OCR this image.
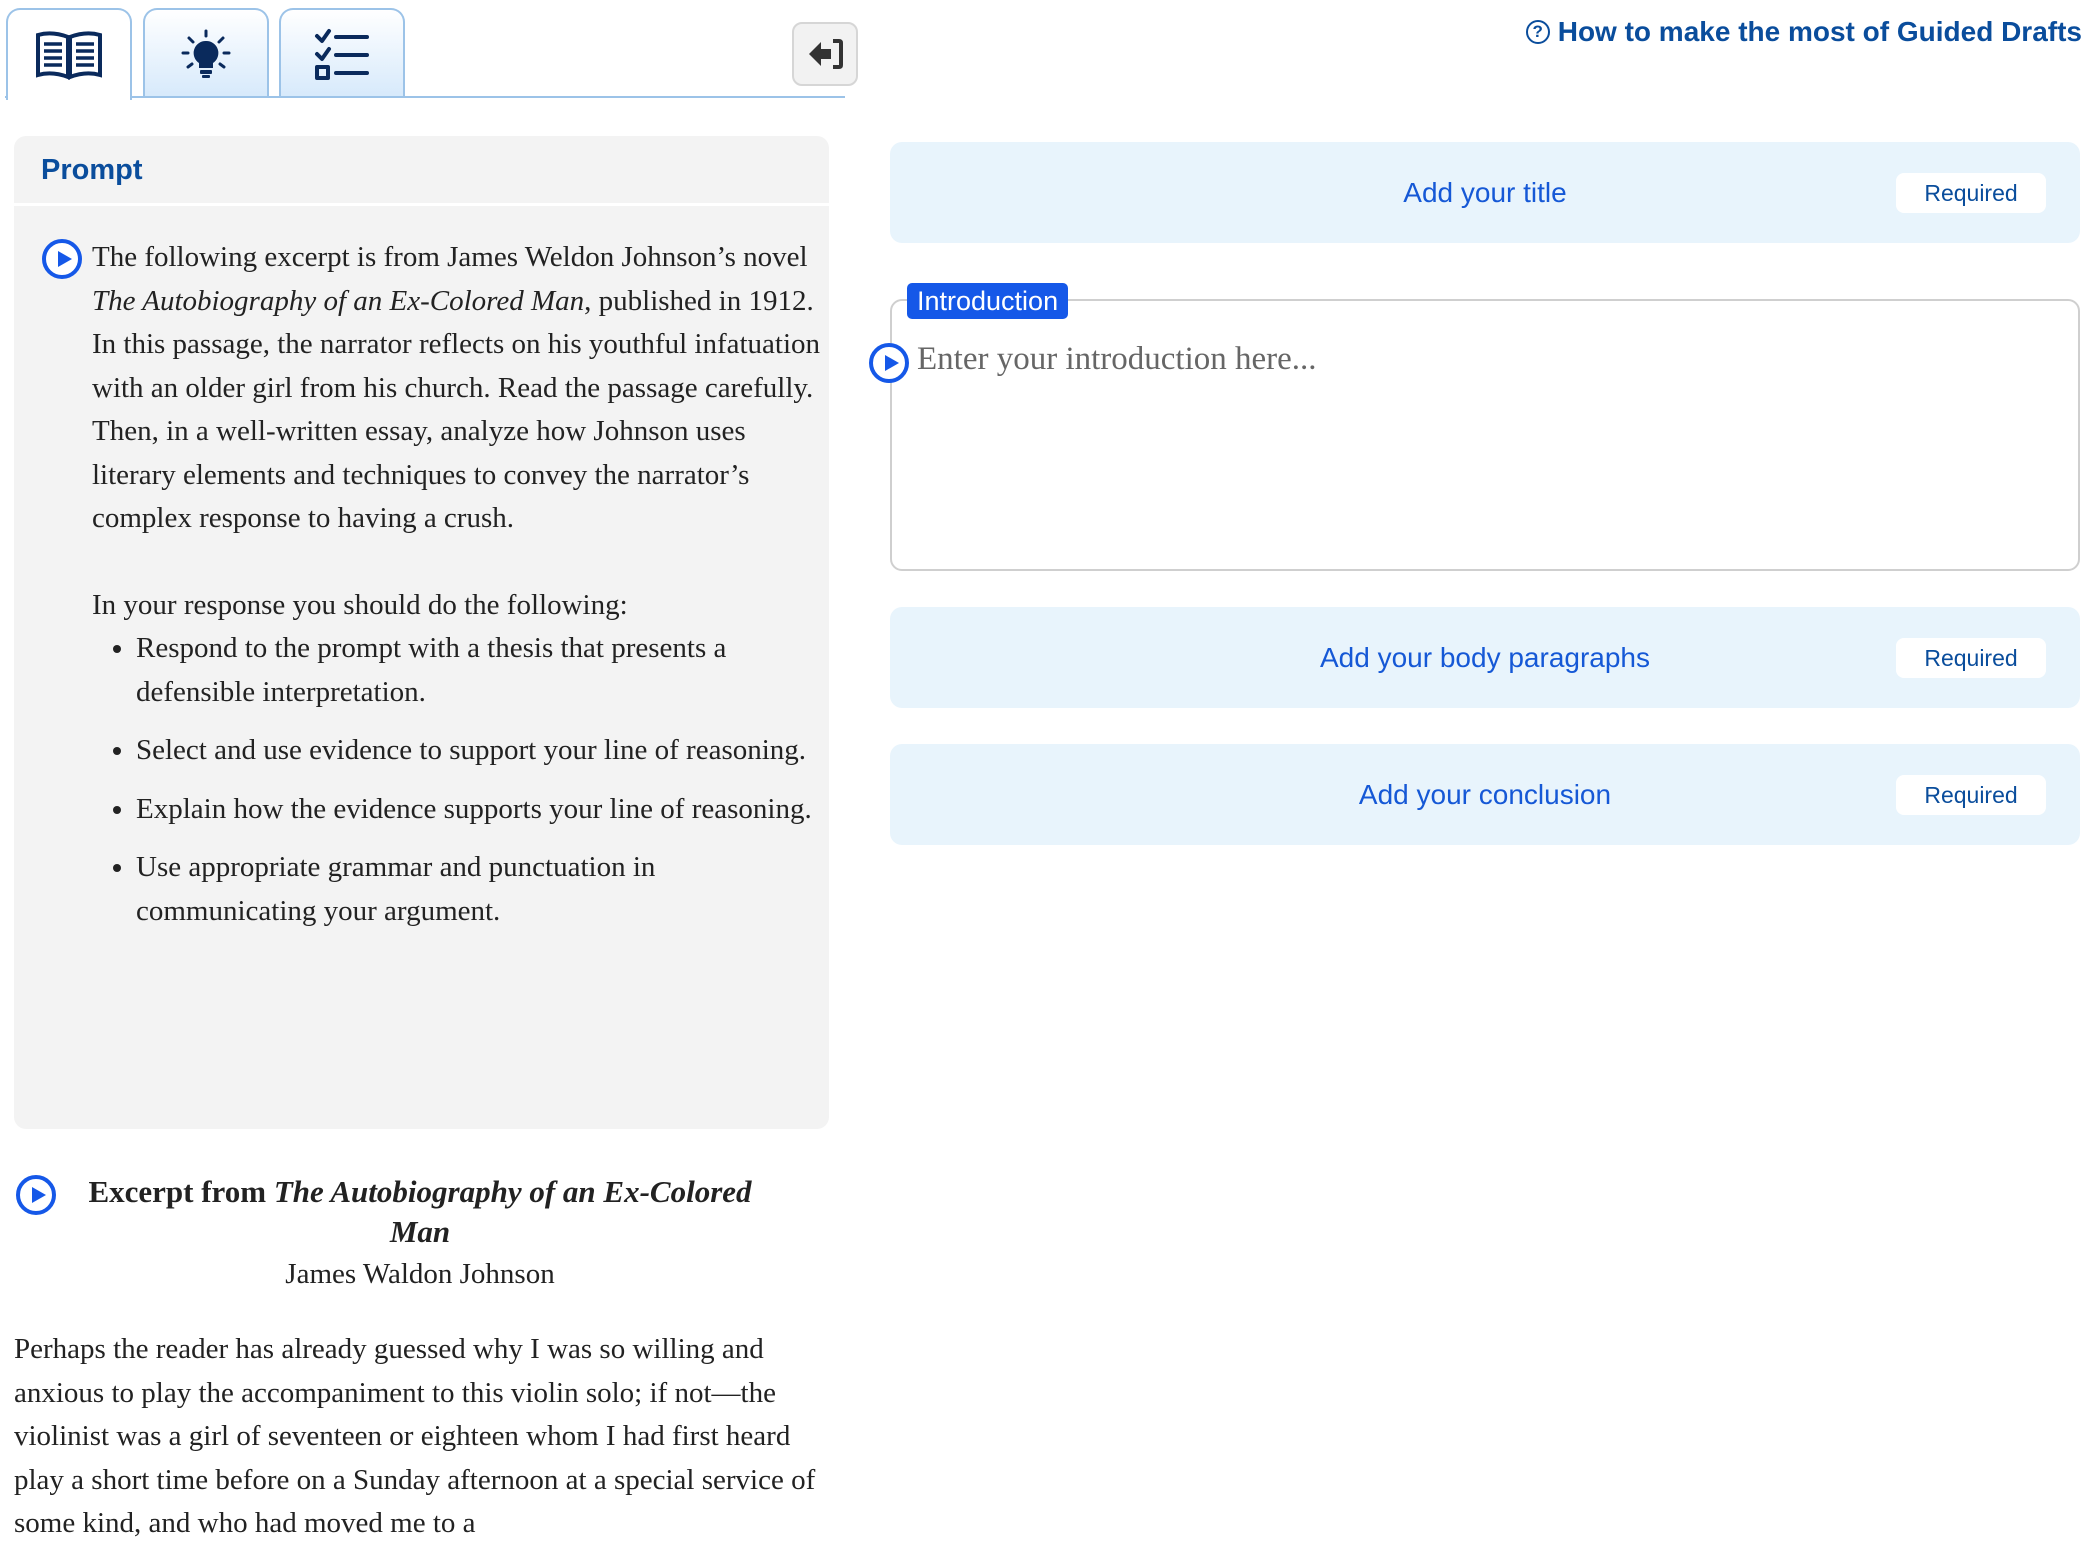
? How to make the most of Guided Drafts
Prompt

The following excerpt is from James Weldon Johnson’s novel The Autobiography of an Ex-Colored Man, published in 1912. In this passage, the narrator reflects on his youthful infatuation with an older girl from his church. Read the passage carefully. Then, in a well-written essay, analyze how Johnson uses literary elements and techniques to convey the narrator’s complex response to having a crush.

In your response you should do the following:

• Respond to the prompt with a thesis that presents a defensible interpretation.
• Select and use evidence to support your line of reasoning.
• Explain how the evidence supports your line of reasoning.
• Use appropriate grammar and punctuation in communicating your argument.
Excerpt from The Autobiography of an Ex-Colored Man
James Waldon Johnson
Perhaps the reader has already guessed why I was so willing and anxious to play the accompaniment to this violin solo; if not—the violinist was a girl of seventeen or eighteen whom I had first heard play a short time before on a Sunday afternoon at a special service of some kind, and who had moved me to a
Add your title	Required
Introduction
Enter your introduction here...
Add your body paragraphs	Required
Add your conclusion	Required
